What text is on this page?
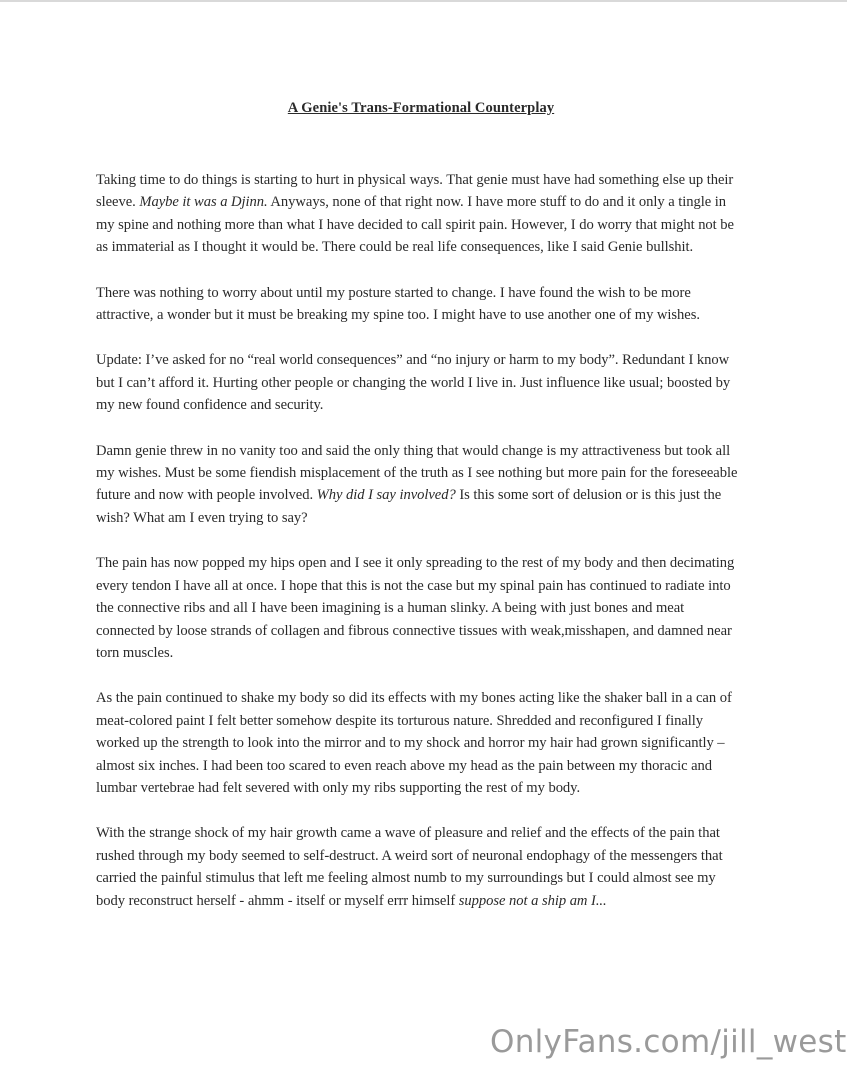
A Genie's Trans-Formational Counterplay

Taking time to do things is starting to hurt in physical ways. That genie must have had something else up their sleeve. Maybe it was a Djinn. Anyways, none of that right now. I have more stuff to do and it only a tingle in my spine and nothing more than what I have decided to call spirit pain. However, I do worry that might not be as immaterial as I thought it would be. There could be real life consequences, like I said Genie bullshit.

There was nothing to worry about until my posture started to change. I have found the wish to be more attractive, a wonder but it must be breaking my spine too. I might have to use another one of my wishes.

Update: I’ve asked for no “real world consequences” and “no injury or harm to my body”. Redundant I know but I can’t afford it. Hurting other people or changing the world I live in. Just influence like usual; boosted by my new found confidence and security.

Damn genie threw in no vanity too and said the only thing that would change is my attractiveness but took all my wishes. Must be some fiendish misplacement of the truth as I see nothing but more pain for the foreseeable future and now with people involved. Why did I say involved? Is this some sort of delusion or is this just the wish? What am I even trying to say?

The pain has now popped my hips open and I see it only spreading to the rest of my body and then decimating every tendon I have all at once. I hope that this is not the case but my spinal pain has continued to radiate into the connective ribs and all I have been imagining is a human slinky. A being with just bones and meat connected by loose strands of collagen and fibrous connective tissues with weak,misshapen, and damned near torn muscles.

As the pain continued to shake my body so did its effects with my bones acting like the shaker ball in a can of meat-colored paint I felt better somehow despite its torturous nature. Shredded and reconfigured I finally worked up the strength to look into the mirror and to my shock and horror my hair had grown significantly – almost six inches. I had been too scared to even reach above my head as the pain between my thoracic and lumbar vertebrae had felt severed with only my ribs supporting the rest of my body.

With the strange shock of my hair growth came a wave of pleasure and relief and the effects of the pain that rushed through my body seemed to self-destruct. A weird sort of neuronal endophagy of the messengers that carried the painful stimulus that left me feeling almost numb to my surroundings but I could almost see my body reconstruct herself - ahmm - itself or myself errr himself suppose not a ship am I...

OnlyFans.com/jill_west
